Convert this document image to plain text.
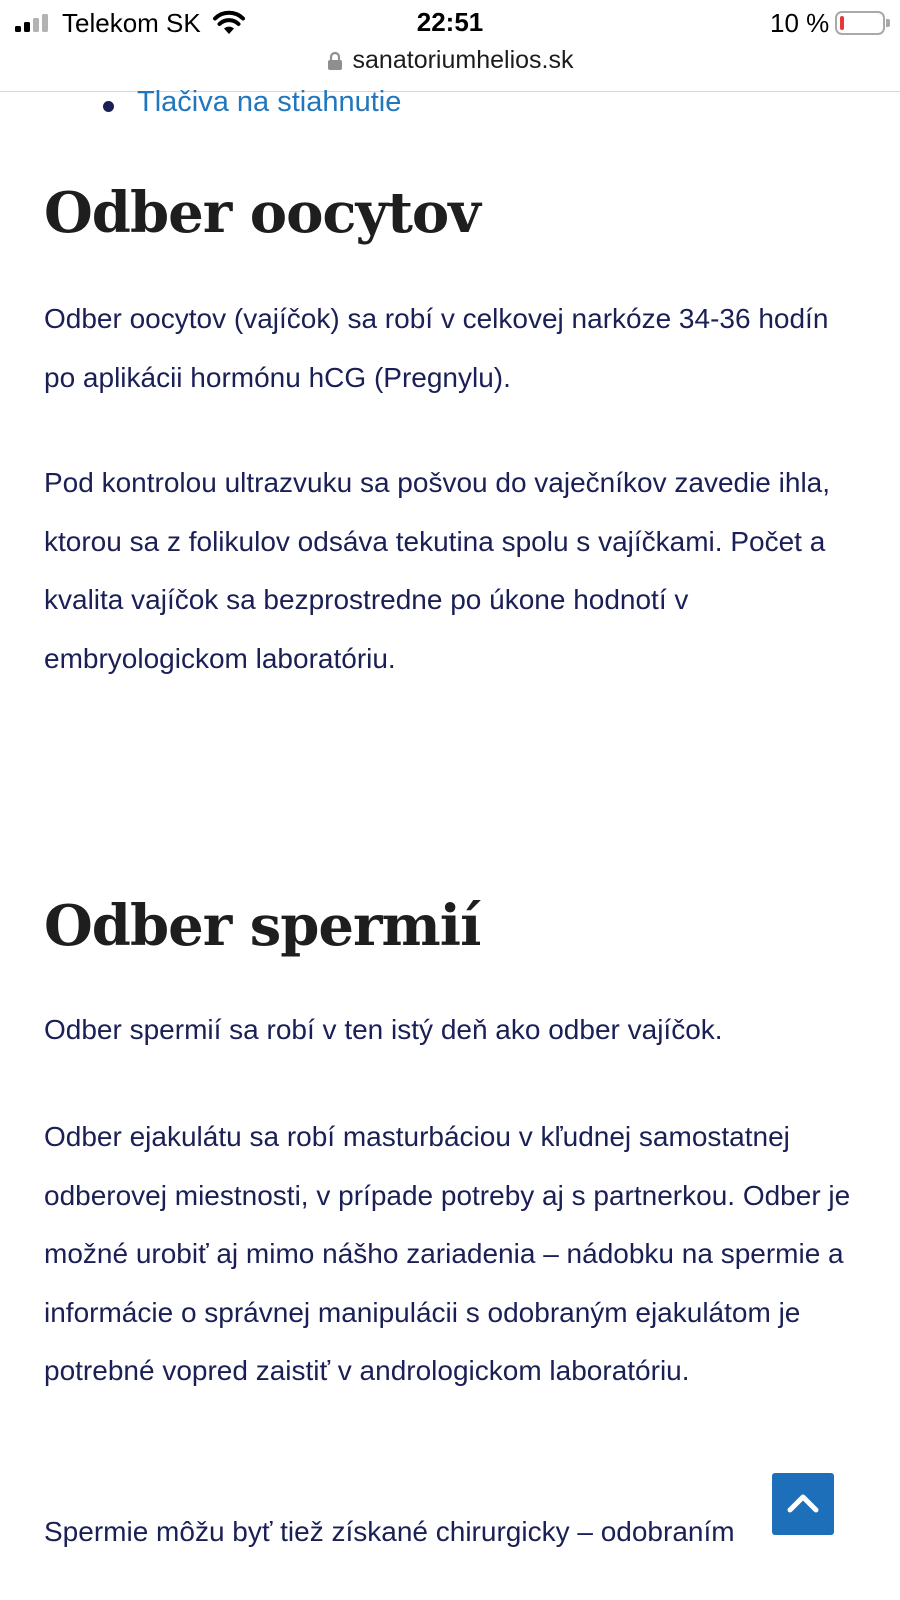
Telekom SK	22:51	10 %
sanatoriumhelios.sk
Tlačiva na stiahnutie
Odber oocytov

Odber oocytov (vajíčok) sa robí v celkovej narkóze 34-36 hodín po aplikácii hormónu hCG (Pregnylu).

Pod kontrolou ultrazvuku sa pošvou do vaječníkov zavedie ihla, ktorou sa z folikulov odsáva tekutina spolu s vajíčkami. Počet a kvalita vajíčok sa bezprostredne po úkone hodnotí v embryologickom laboratóriu.

Odber spermií

Odber spermií sa robí v ten istý deň ako odber vajíčok.

Odber ejakulátu sa robí masturbáciou v kľudnej samostatnej odberovej miestnosti, v prípade potreby aj s partnerkou. Odber je možné urobiť aj mimo nášho zariadenia – nádobku na spermie a informácie o správnej manipulácii s odobraným ejakulátom je potrebné vopred zaistiť v andrologickom laboratóriu.

Spermie môžu byť tiež získané chirurgicky – odobraním
